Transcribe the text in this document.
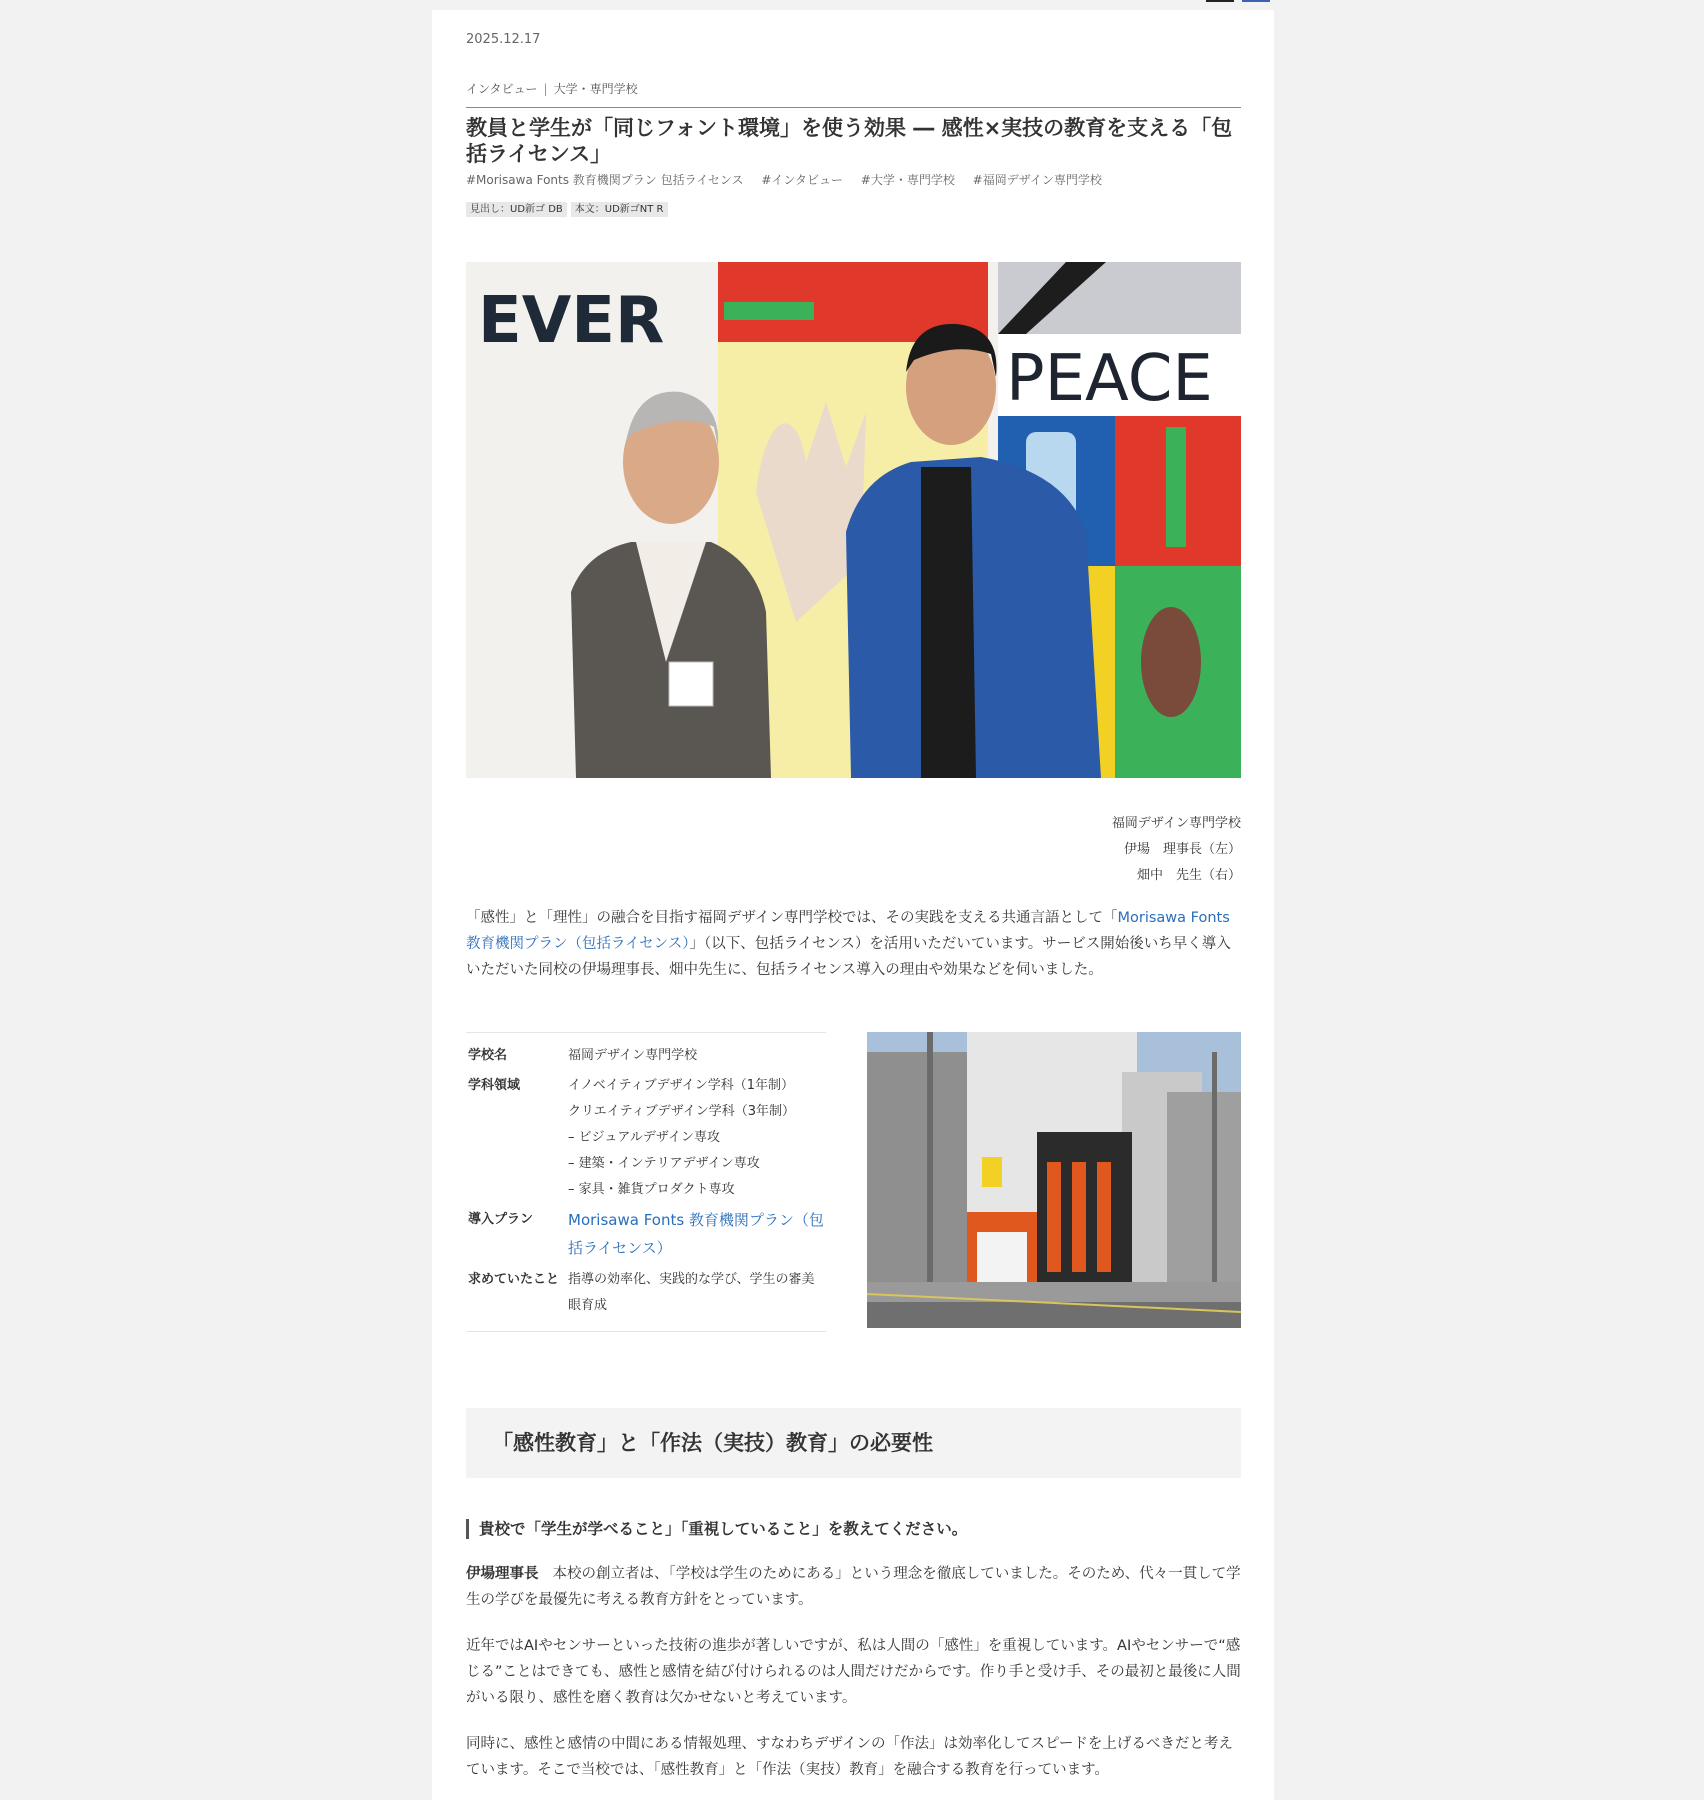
2025.12.17
インタビュー | 大学・専門学校
教員と学生が「同じフォント環境」を使う効果 ― 感性×実技の教育を支える「包括ライセンス」
#Morisawa Fonts 教育機関プラン 包括ライセンス #インタビュー #大学・専門学校 #福岡デザイン専門学校
見出し：UD新ゴ DB 本文：UD新ゴNT R
EVER
PEACE
福岡デザイン専門学校
伊場　理事長（左）
畑中　先生（右）

「感性」と「理性」の融合を目指す福岡デザイン専門学校では、その実践を支える共通言語として「Morisawa Fonts 教育機関プラン（包括ライセンス）」（以下、包括ライセンス）を活用いただいています。サービス開始後いち早く導入いただいた同校の伊場理事長、畑中先生に、包括ライセンス導入の理由や効果などを伺いました。

学校名	福岡デザイン専門学校
学科領域	イノベイティブデザイン学科（1年制）
クリエイティブデザイン学科（3年制）
– ビジュアルデザイン専攻
– 建築・インテリアデザイン専攻
– 家具・雑貨プロダクト専攻
導入プラン	Morisawa Fonts 教育機関プラン（包括ライセンス）
求めていたこと 指導の効率化、実践的な学び、学生の審美眼育成
「感性教育」と「作法（実技）教育」の必要性
貴校で「学生が学べること」「重視していること」を教えてください。

伊場理事長 本校の創立者は、「学校は学生のためにある」という理念を徹底していました。そのため、代々一貫して学生の学びを最優先に考える教育方針をとっています。

近年ではAIやセンサーといった技術の進歩が著しいですが、私は人間の「感性」を重視しています。AIやセンサーで“感じる”ことはできても、感性と感情を結び付けられるのは人間だけだからです。作り手と受け手、その最初と最後に人間がいる限り、感性を磨く教育は欠かせないと考えています。

同時に、感性と感情の中間にある情報処理、すなわちデザインの「作法」は効率化してスピードを上げるべきだと考えています。そこで当校では、「感性教育」と「作法（実技）教育」を融合する教育を行っています。
